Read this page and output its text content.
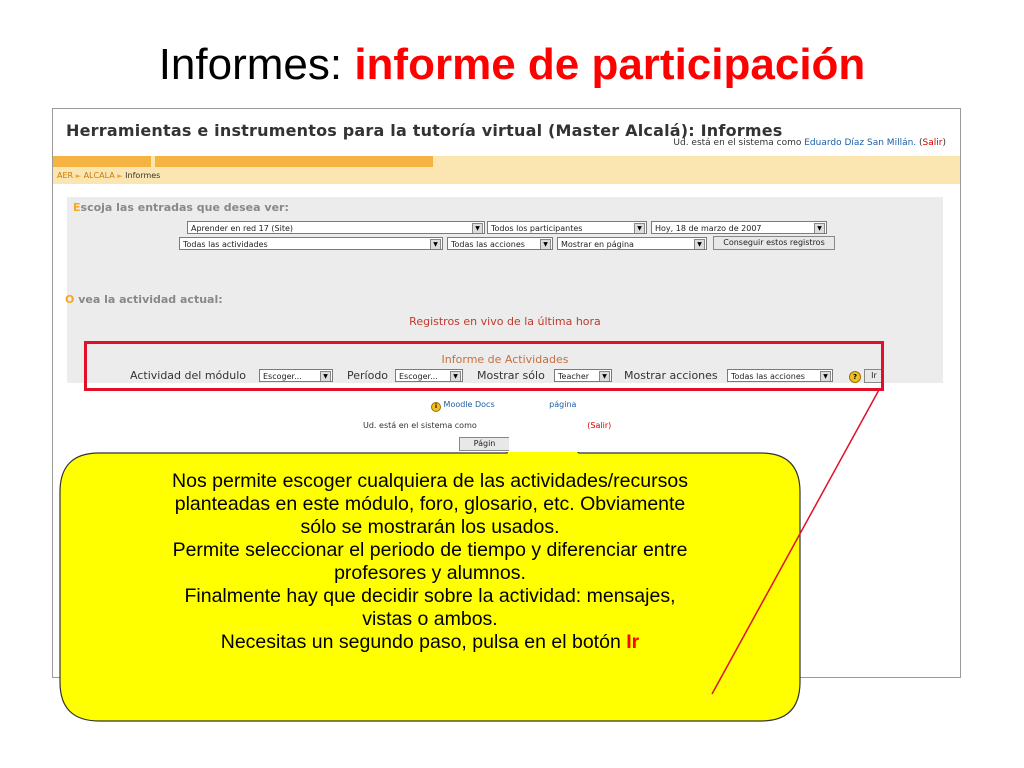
Informes: informe de participación
Herramientas e instrumentos para la tutoría virtual (Master Alcalá): Informes
Ud. está en el sistema como Eduardo Díaz San Millán. (Salir)
AER ► ALCALA ► Informes
Escoja las entradas que desea ver:
Aprender en red 17 (Site)	▼	Todos los participantes	▼	Hoy, 18 de marzo de 2007	▼
Todas las actividades	▼	Todas las acciones	▼	Mostrar en página	▼	Conseguir estos registros
O vea la actividad actual:
Registros en vivo de la última hora
Informe de Actividades
Actividad del módulo	Escoger...	▼ Período	Escoger...	▼ Mostrar sólo	Teacher	▼ Mostrar acciones	Todas las acciones	▼	?	Ir
i Moodle Docs	página
Ud. está en el sistema como	(Salir)
Págin
Nos permite escoger cualquiera de las actividades/recursos
planteadas en este módulo, foro, glosario, etc. Obviamente
sólo se mostrarán los usados.
Permite seleccionar el periodo de tiempo y diferenciar entre
profesores y alumnos.
Finalmente hay que decidir sobre la actividad: mensajes,
vistas o ambos.
Necesitas un segundo paso, pulsa en el botón Ir
